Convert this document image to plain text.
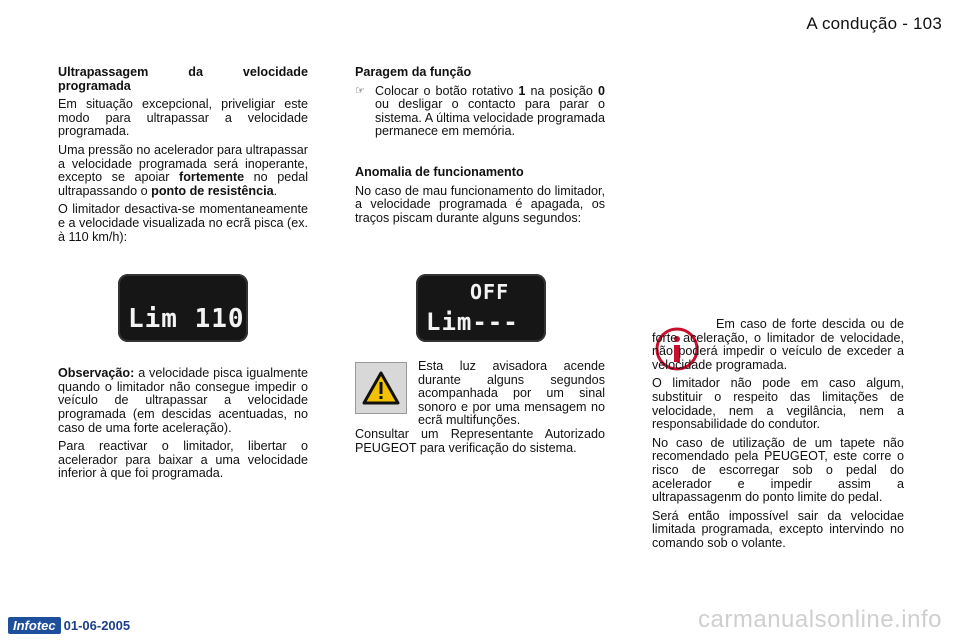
A condução - 103

Ultrapassagem da velocidade programada

Em situação excepcional, priveligiar este modo para ultrapassar a velocidade programada.

Uma pressão no acelerador para ultrapassar a velocidade programada será inoperante, excepto se apoiar fortemente no pedal ultrapassando o ponto de resistência.

O limitador desactiva-se momentaneamente e a velocidade visualizada no ecrã pisca (ex. à 110 km/h):

Observação: a velocidade pisca igualmente quando o limitador não consegue impedir o veículo de ultrapassar a velocidade programada (em descidas acentuadas, no caso de uma forte aceleração).

Para reactivar o limitador, libertar o acelerador para baixar a uma velocidade inferior à que foi programada.

Paragem da função

☞ Colocar o botão rotativo 1 na posição 0 ou desligar o contacto para parar o sistema. A última velocidade programada permanece em memória.

Anomalia de funcionamento

No caso de mau funcionamento do limitador, a velocidade programada é apagada, os traços piscam durante alguns segundos:

Lim 110
OFF
Lim---
Esta luz avisadora acende durante alguns segundos acompanhada por um sinal sonoro e por uma mensagem no ecrã multifunções.
Consultar um Representante Autorizado PEUGEOT para verificação do sistema.

Em caso de forte descida ou de forte aceleração, o limitador de velocidade, não poderá impedir o veículo de exceder a velocidade programada.

O limitador não pode em caso algum, substituir o respeito das limitações de velocidade, nem a vegilância, nem a responsabilidade do condutor.

No caso de utilização de um tapete não recomendado pela PEUGEOT, este corre o risco de escorregar sob o pedal do acelerador e impedir assim a ultrapassagenm do ponto limite do pedal.

Será então impossível sair da velocidae limitada programada, excepto intervindo no comando sob o volante.

Infotec 01-06-2005	carmanualsonline.info
